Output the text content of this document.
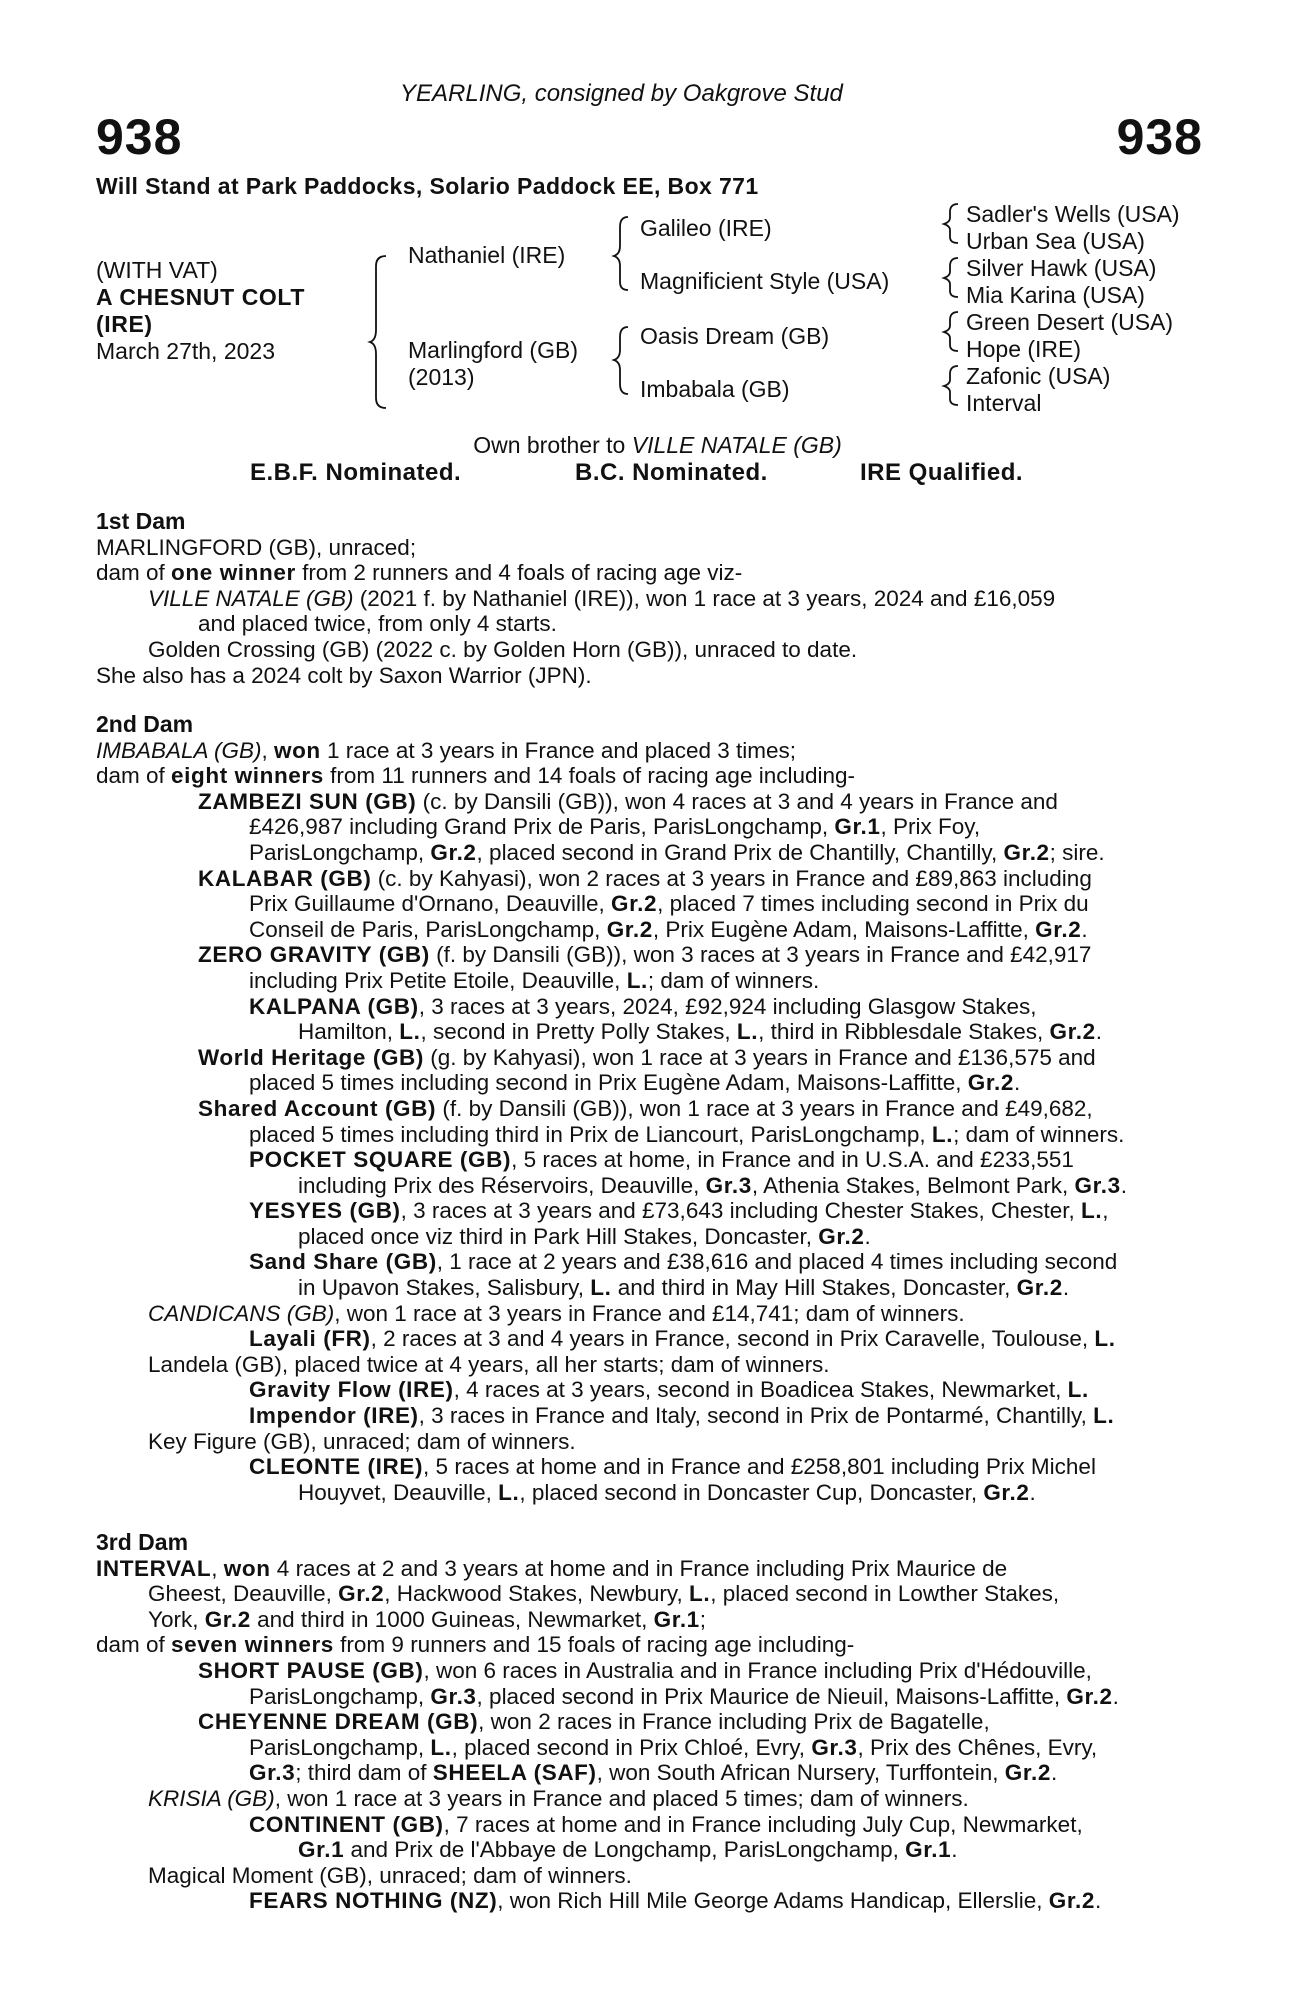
YEARLING, consigned by Oakgrove Stud
938	938
Will Stand at Park Paddocks, Solario Paddock EE, Box 771
(WITH VAT)
A CHESNUT COLT
(IRE)
March 27th, 2023
Nathaniel (IRE)
Marlingford (GB)
(2013)
Galileo (IRE)
Magnificient Style (USA)
Oasis Dream (GB)
Imbabala (GB)
Sadler's Wells (USA)
Urban Sea (USA)
Silver Hawk (USA)
Mia Karina (USA)
Green Desert (USA)
Hope (IRE)
Zafonic (USA)
Interval
Own brother to VILLE NATALE (GB)
E.B.F. Nominated.	B.C. Nominated.	IRE Qualified.
1st Dam
MARLINGFORD (GB), unraced;
dam of one winner from 2 runners and 4 foals of racing age viz-
VILLE NATALE (GB) (2021 f. by Nathaniel (IRE)), won 1 race at 3 years, 2024 and £16,059
and placed twice, from only 4 starts.
Golden Crossing (GB) (2022 c. by Golden Horn (GB)), unraced to date.
She also has a 2024 colt by Saxon Warrior (JPN).
2nd Dam
IMBABALA (GB), won 1 race at 3 years in France and placed 3 times;
dam of eight winners from 11 runners and 14 foals of racing age including-
ZAMBEZI SUN (GB) (c. by Dansili (GB)), won 4 races at 3 and 4 years in France and
£426,987 including Grand Prix de Paris, ParisLongchamp, Gr.1, Prix Foy,
ParisLongchamp, Gr.2, placed second in Grand Prix de Chantilly, Chantilly, Gr.2; sire.
KALABAR (GB) (c. by Kahyasi), won 2 races at 3 years in France and £89,863 including
Prix Guillaume d'Ornano, Deauville, Gr.2, placed 7 times including second in Prix du
Conseil de Paris, ParisLongchamp, Gr.2, Prix Eugène Adam, Maisons-Laffitte, Gr.2.
ZERO GRAVITY (GB) (f. by Dansili (GB)), won 3 races at 3 years in France and £42,917
including Prix Petite Etoile, Deauville, L.; dam of winners.
KALPANA (GB), 3 races at 3 years, 2024, £92,924 including Glasgow Stakes,
Hamilton, L., second in Pretty Polly Stakes, L., third in Ribblesdale Stakes, Gr.2.
World Heritage (GB) (g. by Kahyasi), won 1 race at 3 years in France and £136,575 and
placed 5 times including second in Prix Eugène Adam, Maisons-Laffitte, Gr.2.
Shared Account (GB) (f. by Dansili (GB)), won 1 race at 3 years in France and £49,682,
placed 5 times including third in Prix de Liancourt, ParisLongchamp, L.; dam of winners.
POCKET SQUARE (GB), 5 races at home, in France and in U.S.A. and £233,551
including Prix des Réservoirs, Deauville, Gr.3, Athenia Stakes, Belmont Park, Gr.3.
YESYES (GB), 3 races at 3 years and £73,643 including Chester Stakes, Chester, L.,
placed once viz third in Park Hill Stakes, Doncaster, Gr.2.
Sand Share (GB), 1 race at 2 years and £38,616 and placed 4 times including second
in Upavon Stakes, Salisbury, L. and third in May Hill Stakes, Doncaster, Gr.2.
CANDICANS (GB), won 1 race at 3 years in France and £14,741; dam of winners.
Layali (FR), 2 races at 3 and 4 years in France, second in Prix Caravelle, Toulouse, L.
Landela (GB), placed twice at 4 years, all her starts; dam of winners.
Gravity Flow (IRE), 4 races at 3 years, second in Boadicea Stakes, Newmarket, L.
Impendor (IRE), 3 races in France and Italy, second in Prix de Pontarmé, Chantilly, L.
Key Figure (GB), unraced; dam of winners.
CLEONTE (IRE), 5 races at home and in France and £258,801 including Prix Michel
Houyvet, Deauville, L., placed second in Doncaster Cup, Doncaster, Gr.2.
3rd Dam
INTERVAL, won 4 races at 2 and 3 years at home and in France including Prix Maurice de
Gheest, Deauville, Gr.2, Hackwood Stakes, Newbury, L., placed second in Lowther Stakes,
York, Gr.2 and third in 1000 Guineas, Newmarket, Gr.1;
dam of seven winners from 9 runners and 15 foals of racing age including-
SHORT PAUSE (GB), won 6 races in Australia and in France including Prix d'Hédouville,
ParisLongchamp, Gr.3, placed second in Prix Maurice de Nieuil, Maisons-Laffitte, Gr.2.
CHEYENNE DREAM (GB), won 2 races in France including Prix de Bagatelle,
ParisLongchamp, L., placed second in Prix Chloé, Evry, Gr.3, Prix des Chênes, Evry,
Gr.3; third dam of SHEELA (SAF), won South African Nursery, Turffontein, Gr.2.
KRISIA (GB), won 1 race at 3 years in France and placed 5 times; dam of winners.
CONTINENT (GB), 7 races at home and in France including July Cup, Newmarket,
Gr.1 and Prix de l'Abbaye de Longchamp, ParisLongchamp, Gr.1.
Magical Moment (GB), unraced; dam of winners.
FEARS NOTHING (NZ), won Rich Hill Mile George Adams Handicap, Ellerslie, Gr.2.
